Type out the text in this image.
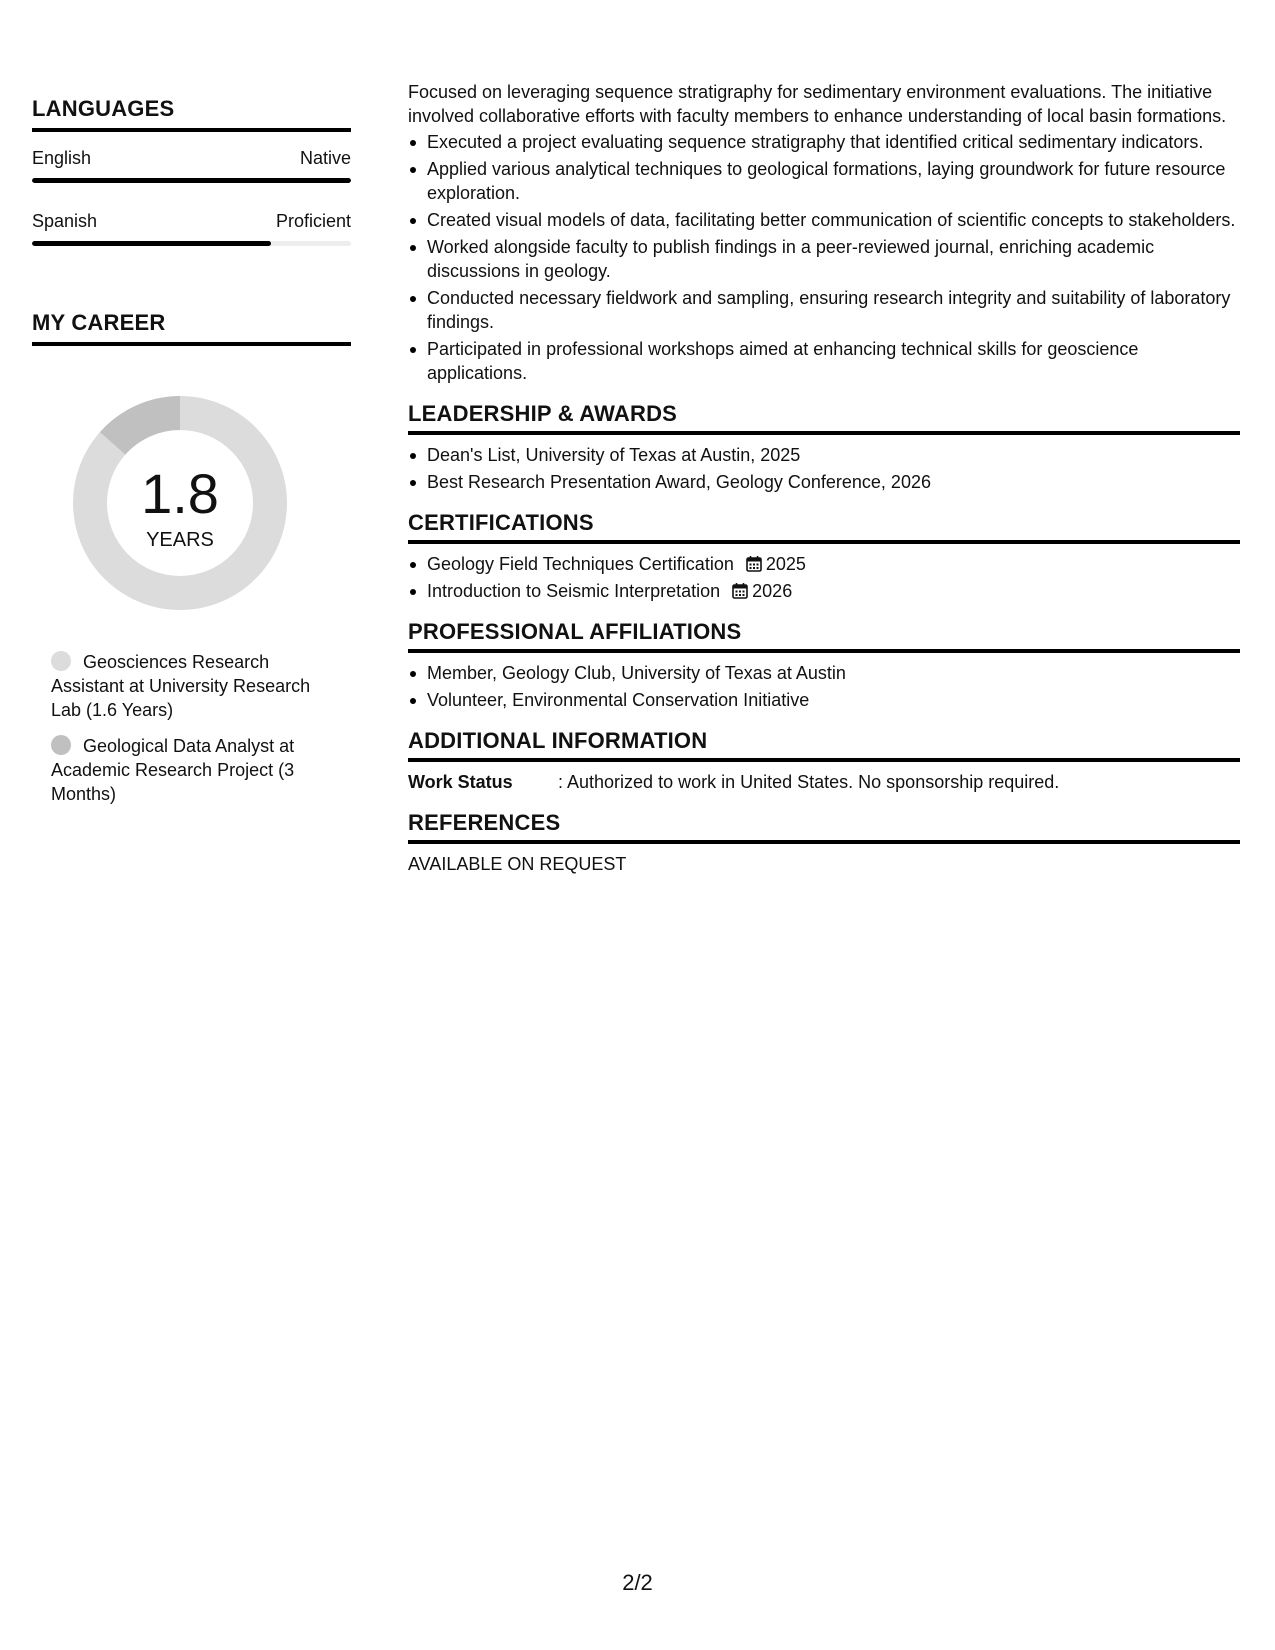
LANGUAGES
English	Native
Spanish	Proficient
MY CAREER
1.8
YEARS
Geosciences Research Assistant at University Research Lab (1.6 Years)
Geological Data Analyst at Academic Research Project (3 Months)
Focused on leveraging sequence stratigraphy for sedimentary environment evaluations. The initiative involved collaborative efforts with faculty members to enhance understanding of local basin formations.
Executed a project evaluating sequence stratigraphy that identified critical sedimentary indicators.
Applied various analytical techniques to geological formations, laying groundwork for future resource exploration.
Created visual models of data, facilitating better communication of scientific concepts to stakeholders.
Worked alongside faculty to publish findings in a peer-reviewed journal, enriching academic discussions in geology.
Conducted necessary fieldwork and sampling, ensuring research integrity and suitability of laboratory findings.
Participated in professional workshops aimed at enhancing technical skills for geoscience applications.
LEADERSHIP & AWARDS
Dean's List, University of Texas at Austin, 2025
Best Research Presentation Award, Geology Conference, 2026
CERTIFICATIONS
Geology Field Techniques Certification 2025
Introduction to Seismic Interpretation 2026
PROFESSIONAL AFFILIATIONS
Member, Geology Club, University of Texas at Austin
Volunteer, Environmental Conservation Initiative
ADDITIONAL INFORMATION
Work Status	: Authorized to work in United States. No sponsorship required.
REFERENCES
AVAILABLE ON REQUEST
2/2
